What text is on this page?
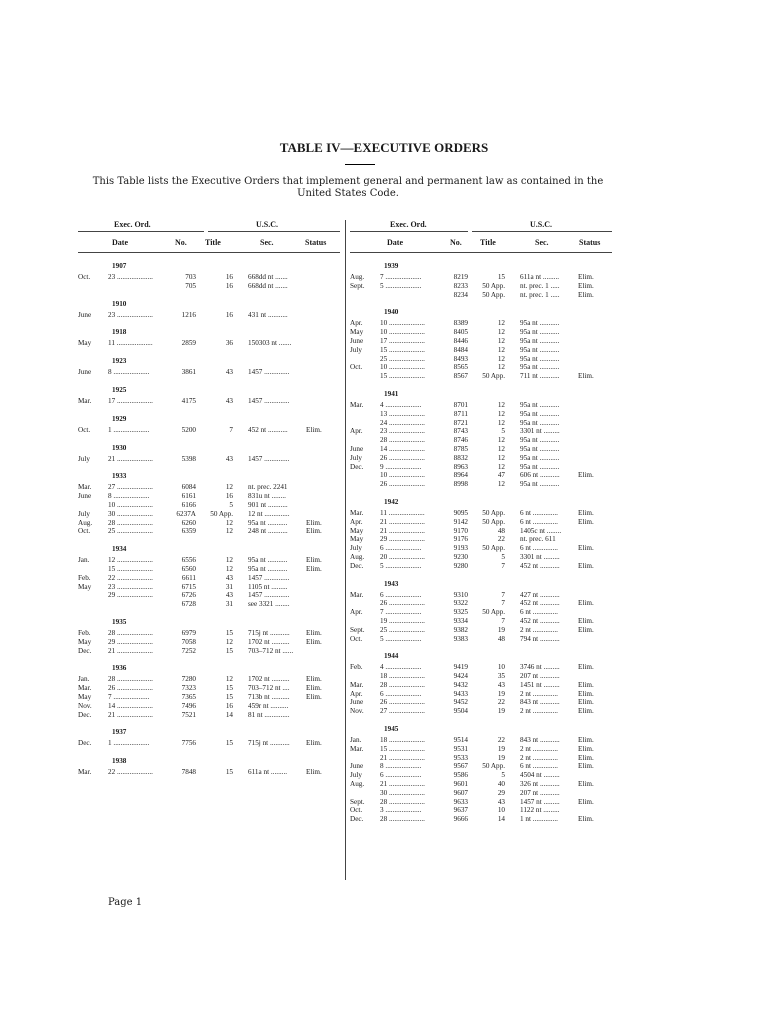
TABLE IV—EXECUTIVE ORDERS
This Table lists the Executive Orders that implement general and permanent law as contained in the United States Code.
Exec. Ord.	U.S.C.
Date	No. Title	Sec.	Status
1907
Oct. 23 ....................	703	16 668dd nt .......
705	16 668dd nt .......
1910
June 23 ....................	1216	16 431 nt ...........
1918
May 11 ....................	2859	36 150303 nt .......
1923
June 8 ....................	3861	43 1457 ..............
1925
Mar. 17 ....................	4175	43 1457 ..............
1929
Oct. 1 ....................	5200	7 452 nt ...........	Elim.
1930
July	21 ....................	5398	43 1457 ..............
1933
Mar. 27 ....................	6084	12 nt. prec. 2241
June 8 ....................	6161	16 831u nt ........
10 ....................	6166	5 901 nt ...........
July	30 ....................	6237A	50 App. 12 nt ..............
Aug. 28 ....................	6260	12 95a nt ...........	Elim.
Oct. 25 ....................	6359	12 248 nt ...........	Elim.
1934
Jan.	12 ....................	6556	12 95a nt ...........	Elim.
15 ....................	6560	12 95a nt ...........	Elim.
Feb. 22 ....................	6611	43 1457 ..............
May 23 ....................	6715	31 1105 nt .........
29 ....................	6726	43 1457 ..............
6728	31 see 3321 ........
1935
Feb. 28 ....................	6979	15 715j nt ...........	Elim.
May 29 ....................	7058	12 1702 nt ..........	Elim.
Dec. 21 ....................	7252	15 703–712 nt ......
1936
Jan.	28 ....................	7280	12 1702 nt ..........	Elim.
Mar. 26 ....................	7323	15 703–712 nt ....	Elim.
May 7 ....................	7365	15 713b nt ..........	Elim.
Nov. 14 ....................	7496	16 459r nt ..........
Dec. 21 ....................	7521	14 81 nt ..............
1937
Dec. 1 ....................	7756	15 715j nt ...........	Elim.
1938
Mar. 22 ....................	7848	15 611a nt .........	Elim.
Exec. Ord.	U.S.C.
Date	No. Title	Sec.	Status
1939
Aug. 7 ....................	8219	15 611a nt .........	Elim.
Sept. 5 ....................	8233	50 App. nt. prec. 1 .....	Elim.
8234	50 App. nt. prec. 1 .....	Elim.
1940
Apr. 10 ....................	8389	12 95a nt ...........
May 10 ....................	8405	12 95a nt ...........
June 17 ....................	8446	12 95a nt ...........
July	15 ....................	8484	12 95a nt ...........
25 ....................	8493	12 95a nt ...........
Oct. 10 ....................	8565	12 95a nt ...........
15 ....................	8567	50 App. 711 nt ...........	Elim.
1941
Mar. 4 ....................	8701	12 95a nt ...........
13 ....................	8711	12 95a nt ...........
24 ....................	8721	12 95a nt ...........
Apr. 23 ....................	8743	5 3301 nt .........
28 ....................	8746	12 95a nt ...........
June 14 ....................	8785	12 95a nt ...........
July	26 ....................	8832	12 95a nt ...........
Dec. 9 ....................	8963	12 95a nt ...........
10 ....................	8964	47 606 nt ...........	Elim.
26 ....................	8998	12 95a nt ...........
1942
Mar. 11 ....................	9095	50 App. 6 nt ..............	Elim.
Apr. 21 ....................	9142	50 App. 6 nt ..............	Elim.
May 21 ....................	9170	48 1405c nt ........
May 29 ....................	9176	22 nt. prec. 611
July	6 ....................	9193	50 App. 6 nt ..............	Elim.
Aug. 20 ....................	9230	5 3301 nt .........
Dec. 5 ....................	9280	7 452 nt ...........	Elim.
1943
Mar. 6 ....................	9310	7 427 nt ...........
26 ....................	9322	7 452 nt ...........	Elim.
Apr. 7 ....................	9325	50 App. 6 nt ..............
19 ....................	9334	7 452 nt ...........	Elim.
Sept. 25 ....................	9382	19 2 nt ..............	Elim.
Oct. 5 ....................	9383	48 794 nt ...........
1944
Feb. 4 ....................	9419	10 3746 nt .........	Elim.
18 ....................	9424	35 207 nt ...........
Mar. 28 ....................	9432	43 1451 nt .........	Elim.
Apr. 6 ....................	9433	19 2 nt ..............	Elim.
June 26 ....................	9452	22 843 nt ...........	Elim.
Nov. 27 ....................	9504	19 2 nt ..............	Elim.
1945
Jan.	18 ....................	9514	22 843 nt ...........	Elim.
Mar. 15 ....................	9531	19 2 nt ..............	Elim.
21 ....................	9533	19 2 nt ..............	Elim.
June 8 ....................	9567	50 App. 6 nt ..............	Elim.
July	6 ....................	9586	5 4504 nt .........
Aug. 21 ....................	9601	40 326 nt ...........	Elim.
30 ....................	9607	29 207 nt ...........
Sept. 28 ....................	9633	43 1457 nt .........	Elim.
Oct. 3 ....................	9637	10 1122 nt .........
Dec. 28 ....................	9666	14 1 nt ..............	Elim.
Page 1
